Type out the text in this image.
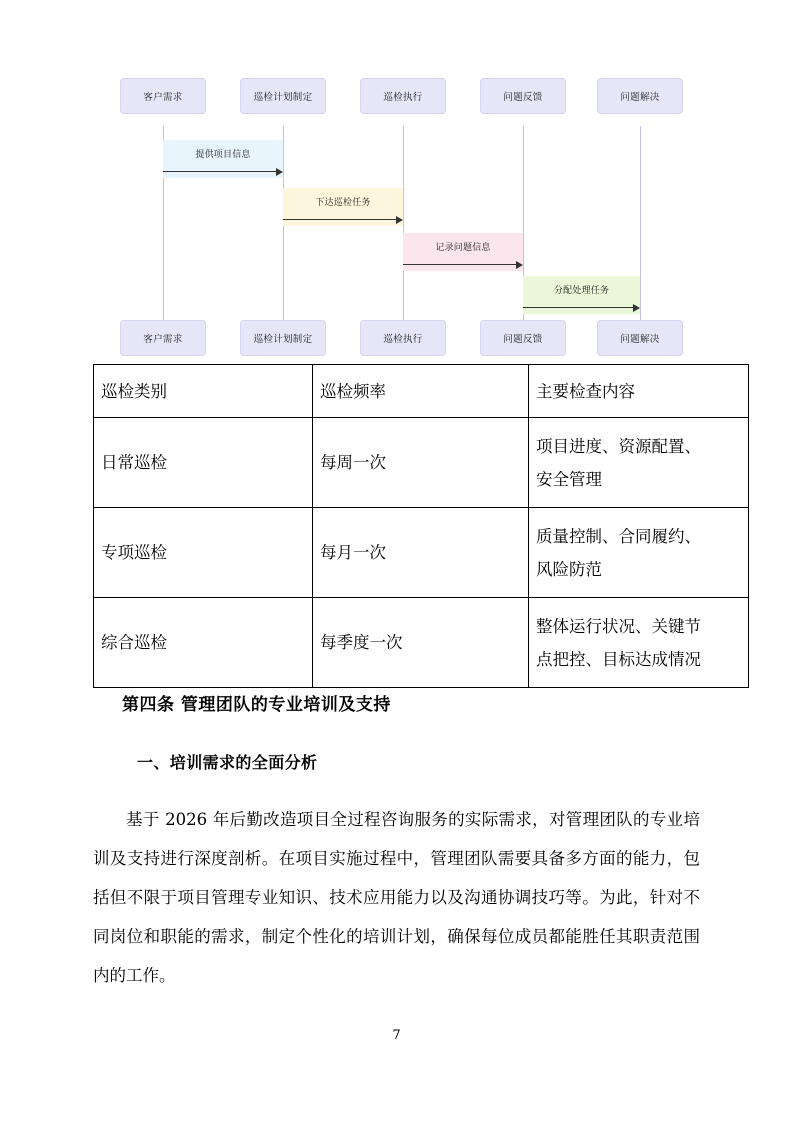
客户需求	巡检计划制定	巡检执行	问题反馈	问题解决
提供项目信息
下达巡检任务
记录问题信息
分配处理任务
客户需求	巡检计划制定	巡检执行	问题反馈	问题解决
巡检类别	巡检频率	主要检查内容
日常巡检	每周一次	项目进度、资源配置、
安全管理

专项巡检	每月一次	质量控制、合同履约、
风险防范

综合巡检	每季度一次	整体运行状况、关键节
点把控、目标达成情况
第四条 管理团队的专业培训及支持
一、培训需求的全面分析
基于 2026 年后勤改造项目全过程咨询服务的实际需求，对管理团队的专业培训及支持进行深度剖析。在项目实施过程中，管理团队需要具备多方面的能力，包括但不限于项目管理专业知识、技术应用能力以及沟通协调技巧等。为此，针对不同岗位和职能的需求，制定个性化的培训计划，确保每位成员都能胜任其职责范围内的工作。
7
